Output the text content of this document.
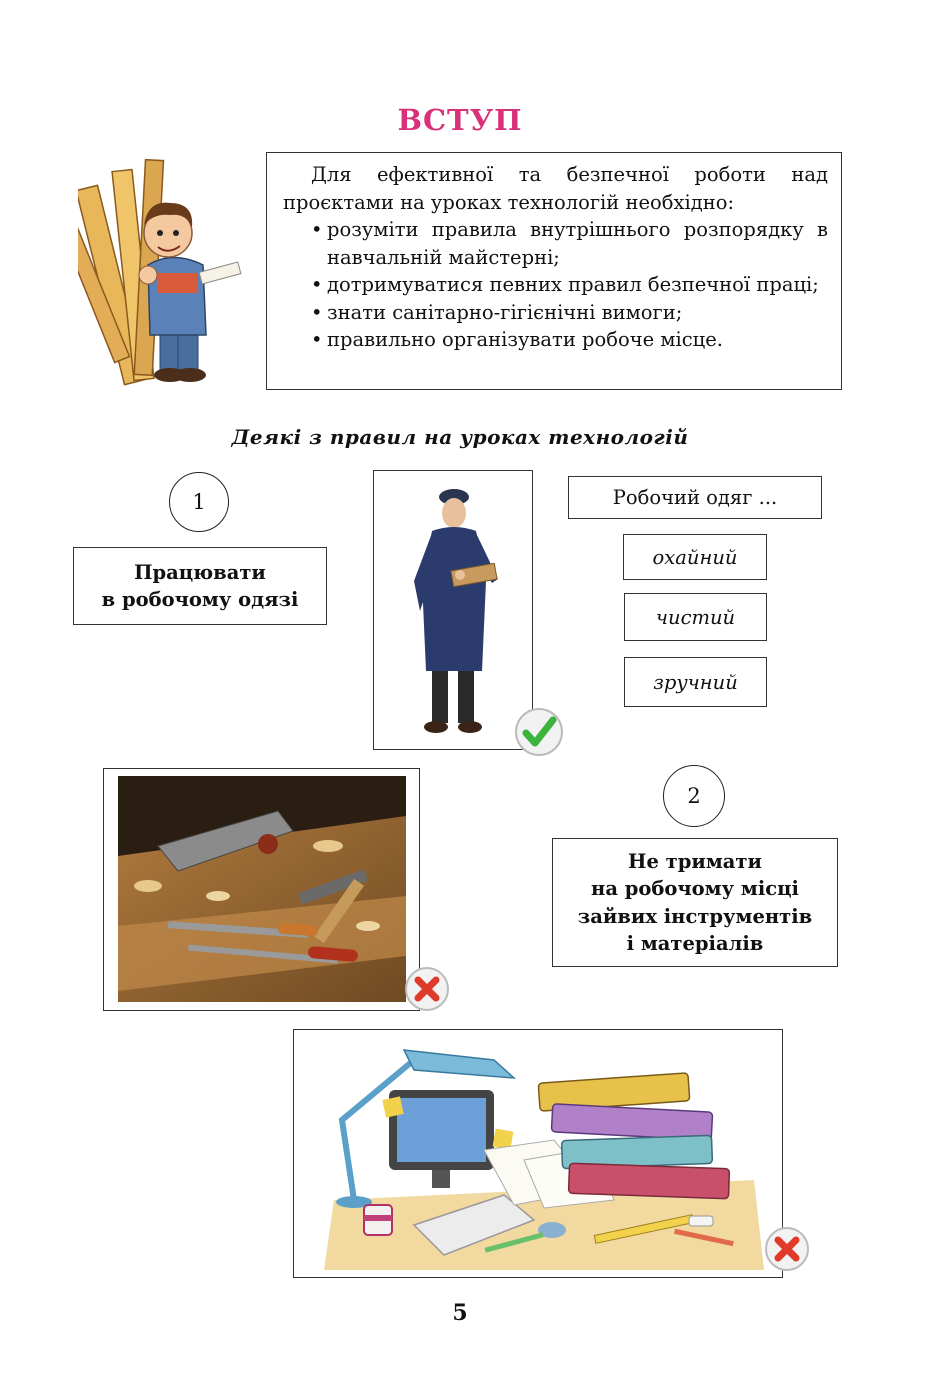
ВСТУП

Для ефективної та безпечної роботи над проєктами на уроках технологій необхідно:

• розуміти правила внутрішнього розпорядку в навчальній майстерні;
• дотримуватися певних правил безпечної праці;
• знати санітарно-гігієнічні вимоги;
• правильно організувати робоче місце.
Деякі з правил на уроках технологій
1
Працювати
в робочому одязі
Робочий одяг ...
охайний
чистий
зручний
2
Не тримати
на робочому місці
зайвих інструментів
і матеріалів
5
